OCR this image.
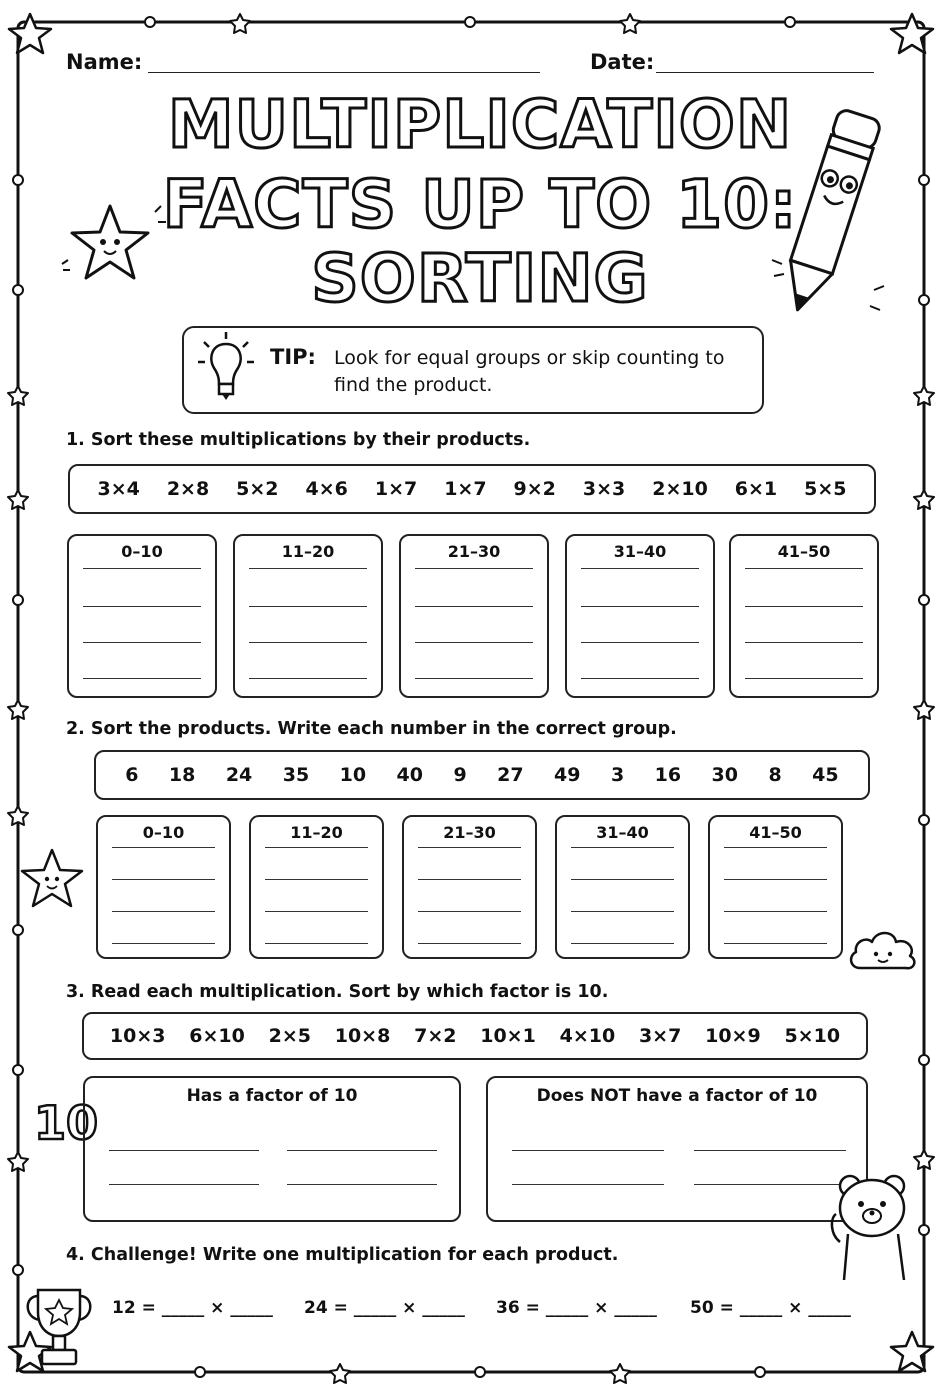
Name:	Date:
MULTIPLICATION
FACTS UP TO 10:
SORTING
TIP: Look for equal groups or skip counting to find the product.
1. Sort these multiplications by their products.
3×4 2×8 5×2 4×6 1×7 1×7 9×2 3×3 2×10 6×1 5×5
0–10	11–20	21–30	31–40	41–50
2. Sort the products. Write each number in the correct group.
6 18 24 35 10 40 9 27 49 3 16 30 8 45
0–10	11–20	21–30	31–40	41–50
3. Read each multiplication. Sort by which factor is 10.
10×3 6×10 2×5 10×8 7×2 10×1 4×10 3×7 10×9 5×10
10	Has a factor of 10	Does NOT have a factor of 10
4. Challenge! Write one multiplication for each product.
12 = _____ × _____ 24 = _____ × _____ 36 = _____ × _____ 50 = _____ × _____
